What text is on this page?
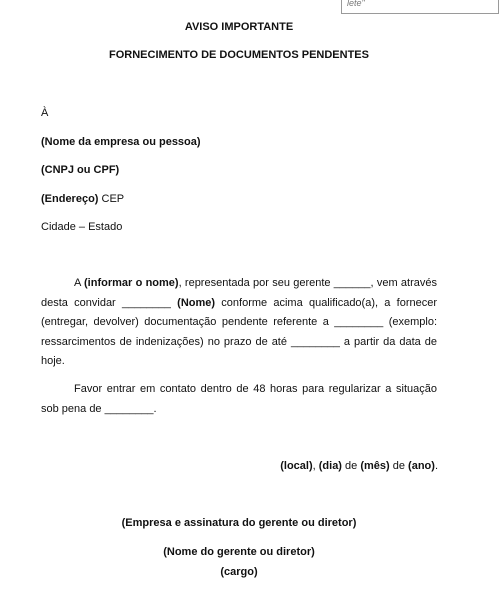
lete"
AVISO IMPORTANTE
FORNECIMENTO DE DOCUMENTOS PENDENTES
À
(Nome da empresa ou pessoa)
(CNPJ ou CPF)
(Endereço) CEP
Cidade – Estado
A (informar o nome), representada por seu gerente ______, vem através desta convidar ________ (Nome) conforme acima qualificado(a), a fornecer (entregar, devolver) documentação pendente referente a ________ (exemplo: ressarcimentos de indenizações) no prazo de até ________ a partir da data de hoje.
Favor entrar em contato dentro de 48 horas para regularizar a situação sob pena de ________.
(local), (dia) de (mês) de (ano).
(Empresa e assinatura do gerente ou diretor)
(Nome do gerente ou diretor)
(cargo)
